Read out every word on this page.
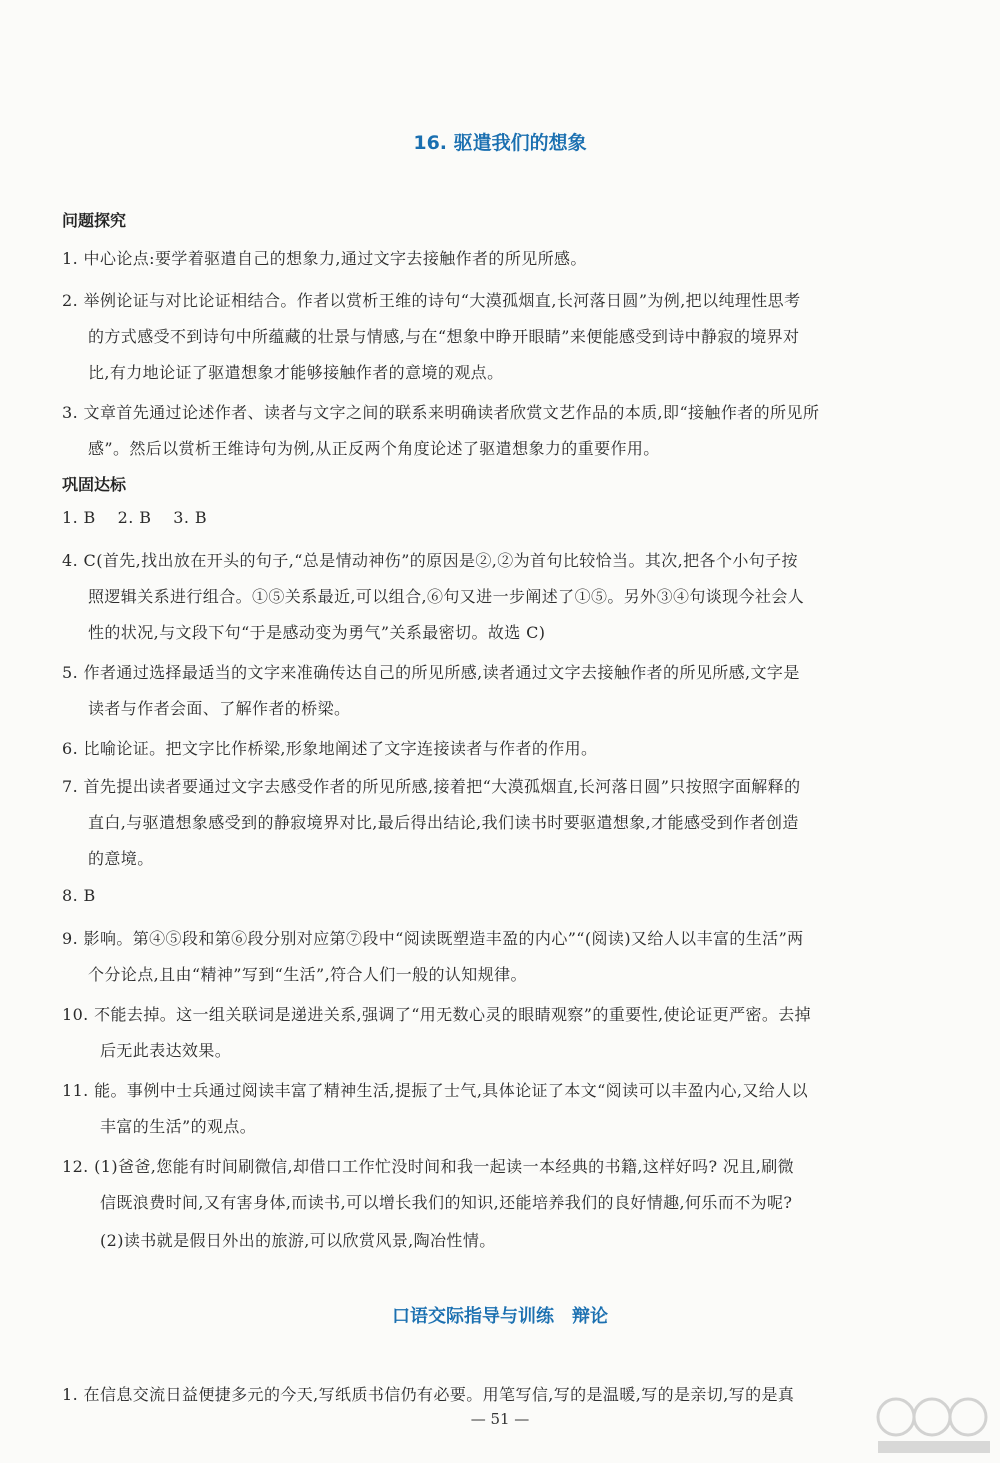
16. 驱遣我们的想象
问题探究
1. 中心论点:要学着驱遣自己的想象力,通过文字去接触作者的所见所感。
2. 举例论证与对比论证相结合。作者以赏析王维的诗句“大漠孤烟直,长河落日圆”为例,把以纯理性思考
的方式感受不到诗句中所蕴藏的壮景与情感,与在“想象中睁开眼睛”来便能感受到诗中静寂的境界对
比,有力地论证了驱遣想象才能够接触作者的意境的观点。
3. 文章首先通过论述作者、读者与文字之间的联系来明确读者欣赏文艺作品的本质,即“接触作者的所见所
感”。然后以赏析王维诗句为例,从正反两个角度论述了驱遣想象力的重要作用。
巩固达标
1. B    2. B    3. B
4. C(首先,找出放在开头的句子,“总是情动神伤”的原因是②,②为首句比较恰当。其次,把各个小句子按
照逻辑关系进行组合。①⑤关系最近,可以组合,⑥句又进一步阐述了①⑤。另外③④句谈现今社会人
性的状况,与文段下句“于是感动变为勇气”关系最密切。故选 C)
5. 作者通过选择最适当的文字来准确传达自己的所见所感,读者通过文字去接触作者的所见所感,文字是
读者与作者会面、了解作者的桥梁。
6. 比喻论证。把文字比作桥梁,形象地阐述了文字连接读者与作者的作用。
7. 首先提出读者要通过文字去感受作者的所见所感,接着把“大漠孤烟直,长河落日圆”只按照字面解释的
直白,与驱遣想象感受到的静寂境界对比,最后得出结论,我们读书时要驱遣想象,才能感受到作者创造
的意境。
8. B
9. 影响。第④⑤段和第⑥段分别对应第⑦段中“阅读既塑造丰盈的内心”“(阅读)又给人以丰富的生活”两
个分论点,且由“精神”写到“生活”,符合人们一般的认知规律。
10. 不能去掉。这一组关联词是递进关系,强调了“用无数心灵的眼睛观察”的重要性,使论证更严密。去掉
后无此表达效果。
11. 能。事例中士兵通过阅读丰富了精神生活,提振了士气,具体论证了本文“阅读可以丰盈内心,又给人以
丰富的生活”的观点。
12. (1)爸爸,您能有时间刷微信,却借口工作忙没时间和我一起读一本经典的书籍,这样好吗? 况且,刷微
信既浪费时间,又有害身体,而读书,可以增长我们的知识,还能培养我们的良好情趣,何乐而不为呢?
(2)读书就是假日外出的旅游,可以欣赏风景,陶冶性情。
口语交际指导与训练　辩论
1. 在信息交流日益便捷多元的今天,写纸质书信仍有必要。用笔写信,写的是温暖,写的是亲切,写的是真
— 51 —
